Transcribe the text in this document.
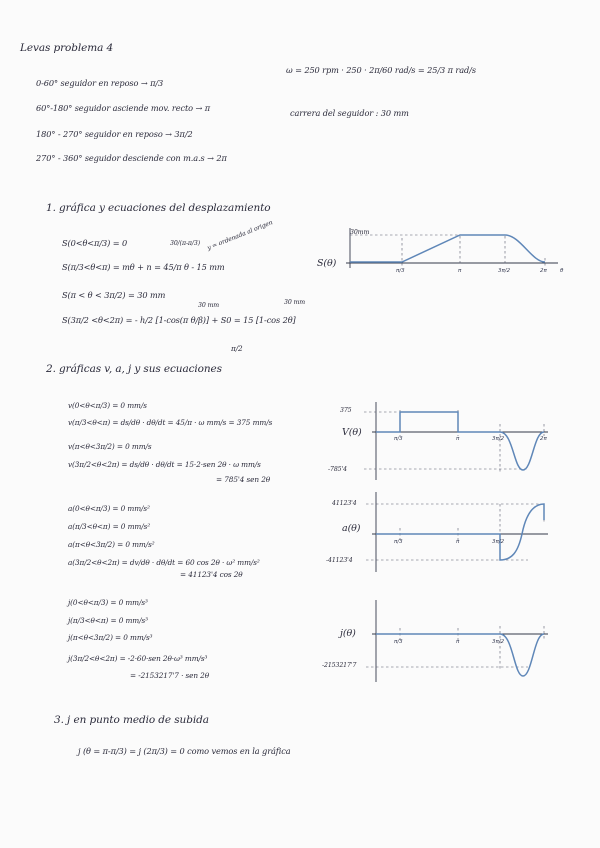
Levas problema 4
0-60° seguidor en reposo → π/3
60°-180° seguidor asciende mov. recto → π
180° - 270° seguidor en reposo → 3π/2
270° - 360° seguidor desciende con m.a.s → 2π
ω = 250 rpm · 250 · 2π/60 rad/s = 25/3 π rad/s
carrera del seguidor : 30 mm
1. gráfica y ecuaciones del desplazamiento
S(0<θ<π/3) = 0	30/(π-π/3) y = ordenada al origen
S(π/3<θ<π) = mθ + n = 45/π θ - 15 mm
S(π < θ < 3π/2) = 30 mm
30 mm	30 mm
S(3π/2 <θ<2π) = - h/2 [1-cos(π θ/β)] + S0 = 15 [1-cos 2θ]
π/2
S(θ)
30mm
π/3	π	3π/2	2π θ
2. gráficas v, a, j y sus ecuaciones
v(0<θ<π/3) = 0 mm/s
v(π/3<θ<π) = ds/dθ · dθ/dt = 45/π · ω mm/s = 375 mm/s
v(π<θ<3π/2) = 0 mm/s
v(3π/2<θ<2π) = ds/dθ · dθ/dt = 15·2·sen 2θ · ω mm/s
= 785'4 sen 2θ
a(0<θ<π/3) = 0 mm/s²
a(π/3<θ<π) = 0 mm/s²
a(π<θ<3π/2) = 0 mm/s²
a(3π/2<θ<2π) = dv/dθ · dθ/dt = 60 cos 2θ · ω² mm/s²
= 41123'4 cos 2θ
j(0<θ<π/3) = 0 mm/s³
j(π/3<θ<π) = 0 mm/s³
j(π<θ<3π/2) = 0 mm/s³
j(3π/2<θ<2π) = -2·60·sen 2θ·ω³ mm/s³
= -2153217'7 · sen 2θ
375
V(θ)
-785'4
π/3	π	3π/2	2π
41123'4
a(θ)
-41123'4
π/3	π	3π/2
j(θ)
-2153217'7
π/3	π	3π/2
3. j en punto medio de subida
j (θ = π-π/3) = j (2π/3) = 0 como vemos en la gráfica
